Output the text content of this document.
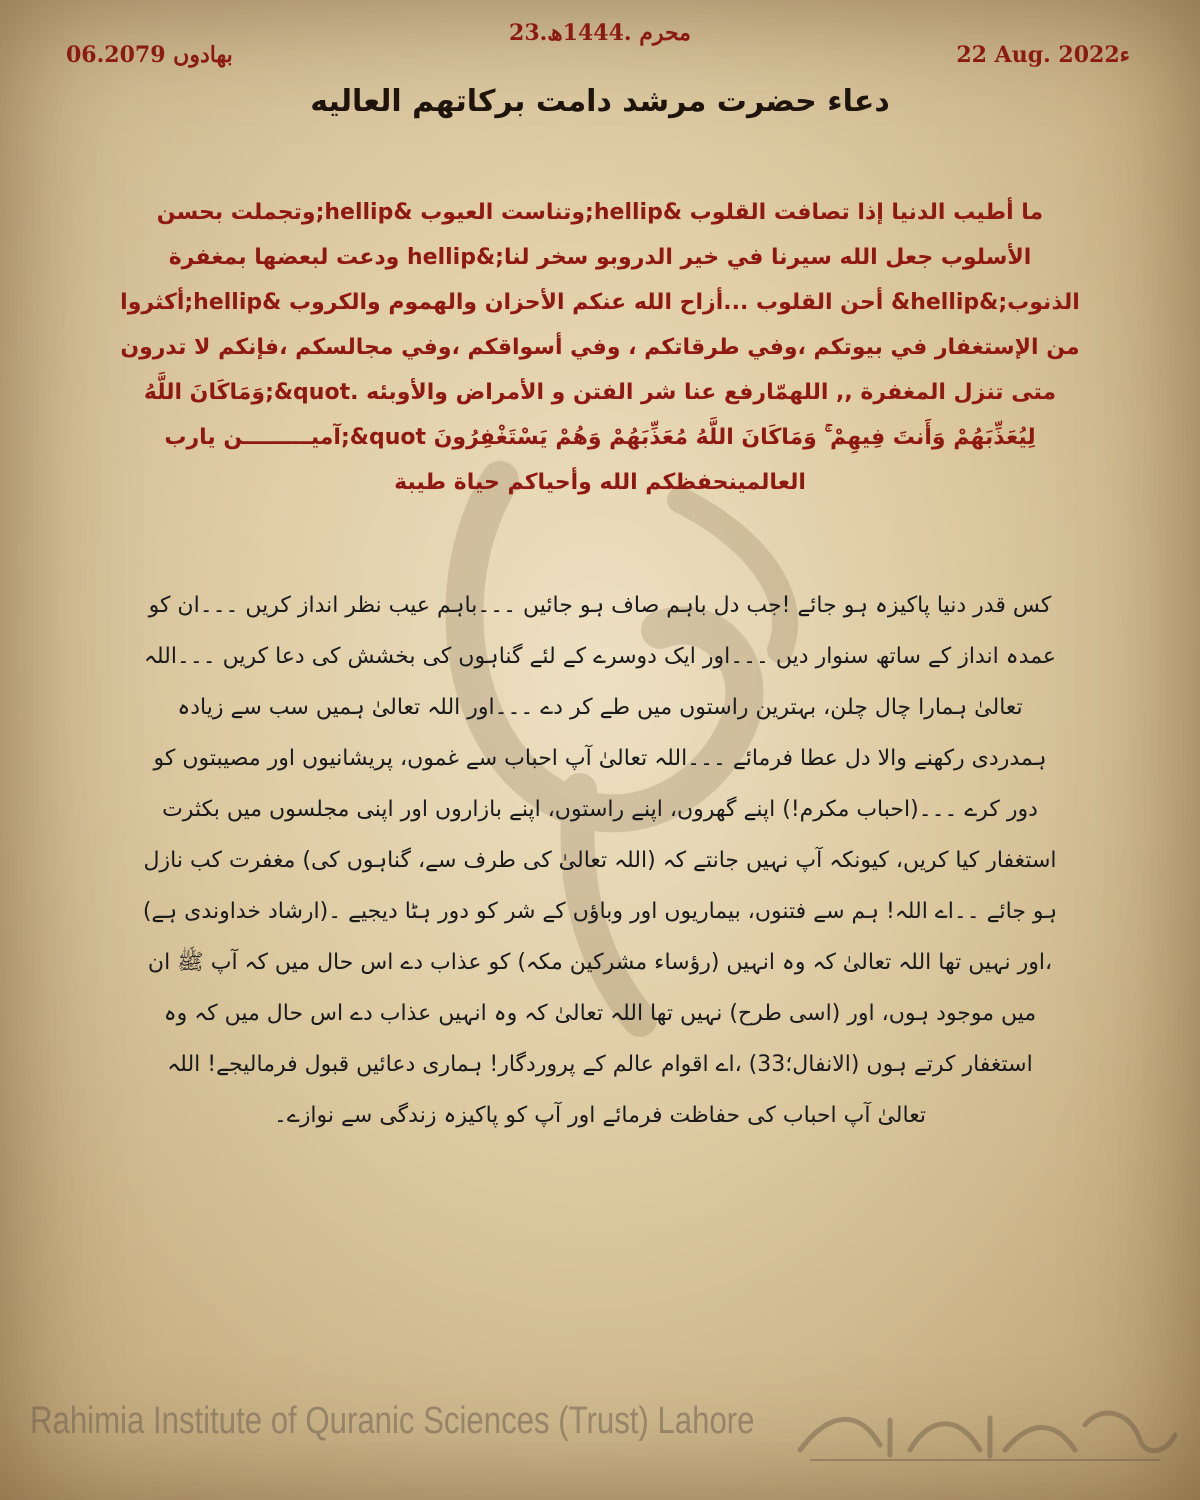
23.محرم .1444ھ
06.بھادوں 2079	22 Aug. 2022ء
دعاء حضرت مرشد دامت برکاتهم العاليه
ما أطيب الدنيا إذا تصافت القلوب &hellip;وتناست العيوب &hellip;وتجملت بحسن الأسلوب جعل الله سيرنا في خير الدروبو سخر لنا;&hellip ودعت لبعضها بمغفرة الذنوب;&hellip& أحن القلوب ...أزاح الله عنكم الأحزان والهموم والكروب &hellip;أكثروا من الإستغفار في بيوتكم ،وفي طرقاتكم ، وفي أسواقكم ،وفي مجالسكم ،فإنكم لا تدرون متى تنزل المغفرة ,, اللهمّارفع عنا شر الفتن و الأمراض والأوبئه .quot&;وَمَاكَانَ اللَّهُ لِيُعَذِّبَهُمْ وَأَنتَ فِيهِمْ ۚ وَمَاكَانَ اللَّهُ مُعَذِّبَهُمْ وَهُمْ يَسْتَغْفِرُونَ quot&;آميـــــــــن يارب العالمينحفظكم الله وأحياكم حياة طيبة
کس قدر دنیا پاکیزہ ہو جائے !جب دل باہم صاف ہو جائیں ۔۔۔باہم عیب نظر انداز کریں ۔۔۔ان کو عمدہ انداز کے ساتھ سنوار دیں ۔۔۔اور ایک دوسرے کے لئے گناہوں کی بخشش کی دعا کریں ۔۔۔اللہ تعالیٰ ہمارا چال چلن، بہترین راستوں میں طے کر دے ۔۔۔اور اللہ تعالیٰ ہمیں سب سے زیادہ ہمدردی رکھنے والا دل عطا فرمائے ۔۔۔اللہ تعالیٰ آپ احباب سے غموں، پریشانیوں اور مصیبتوں کو دور کرے ۔۔۔(احباب مکرم!) اپنے گھروں، اپنے راستوں، اپنے بازاروں اور اپنی مجلسوں میں بکثرت استغفار کیا کریں، کیونکہ آپ نہیں جانتے کہ (اللہ تعالیٰ کی طرف سے، گناہوں کی) مغفرت کب نازل ہو جائے ۔۔اے اللہ! ہم سے فتنوں، بیماریوں اور وباؤں کے شر کو دور ہٹا دیجیے ۔(ارشاد خداوندی ہے) ،اور نہیں تھا اللہ تعالیٰ کہ وہ انہیں (رؤساء مشرکین مکہ) کو عذاب دے اس حال میں کہ آپ ﷺ ان میں موجود ہوں، اور (اسی طرح) نہیں تھا اللہ تعالیٰ کہ وہ انہیں عذاب دے اس حال میں کہ وہ استغفار کرتے ہوں (الانفال؛33) ،اے اقوام عالم کے پروردگار! ہماری دعائیں قبول فرمالیجے! اللہ تعالیٰ آپ احباب کی حفاظت فرمائے اور آپ کو پاکیزہ زندگی سے نوازے۔
Rahimia Institute of Quranic Sciences (Trust) Lahore
